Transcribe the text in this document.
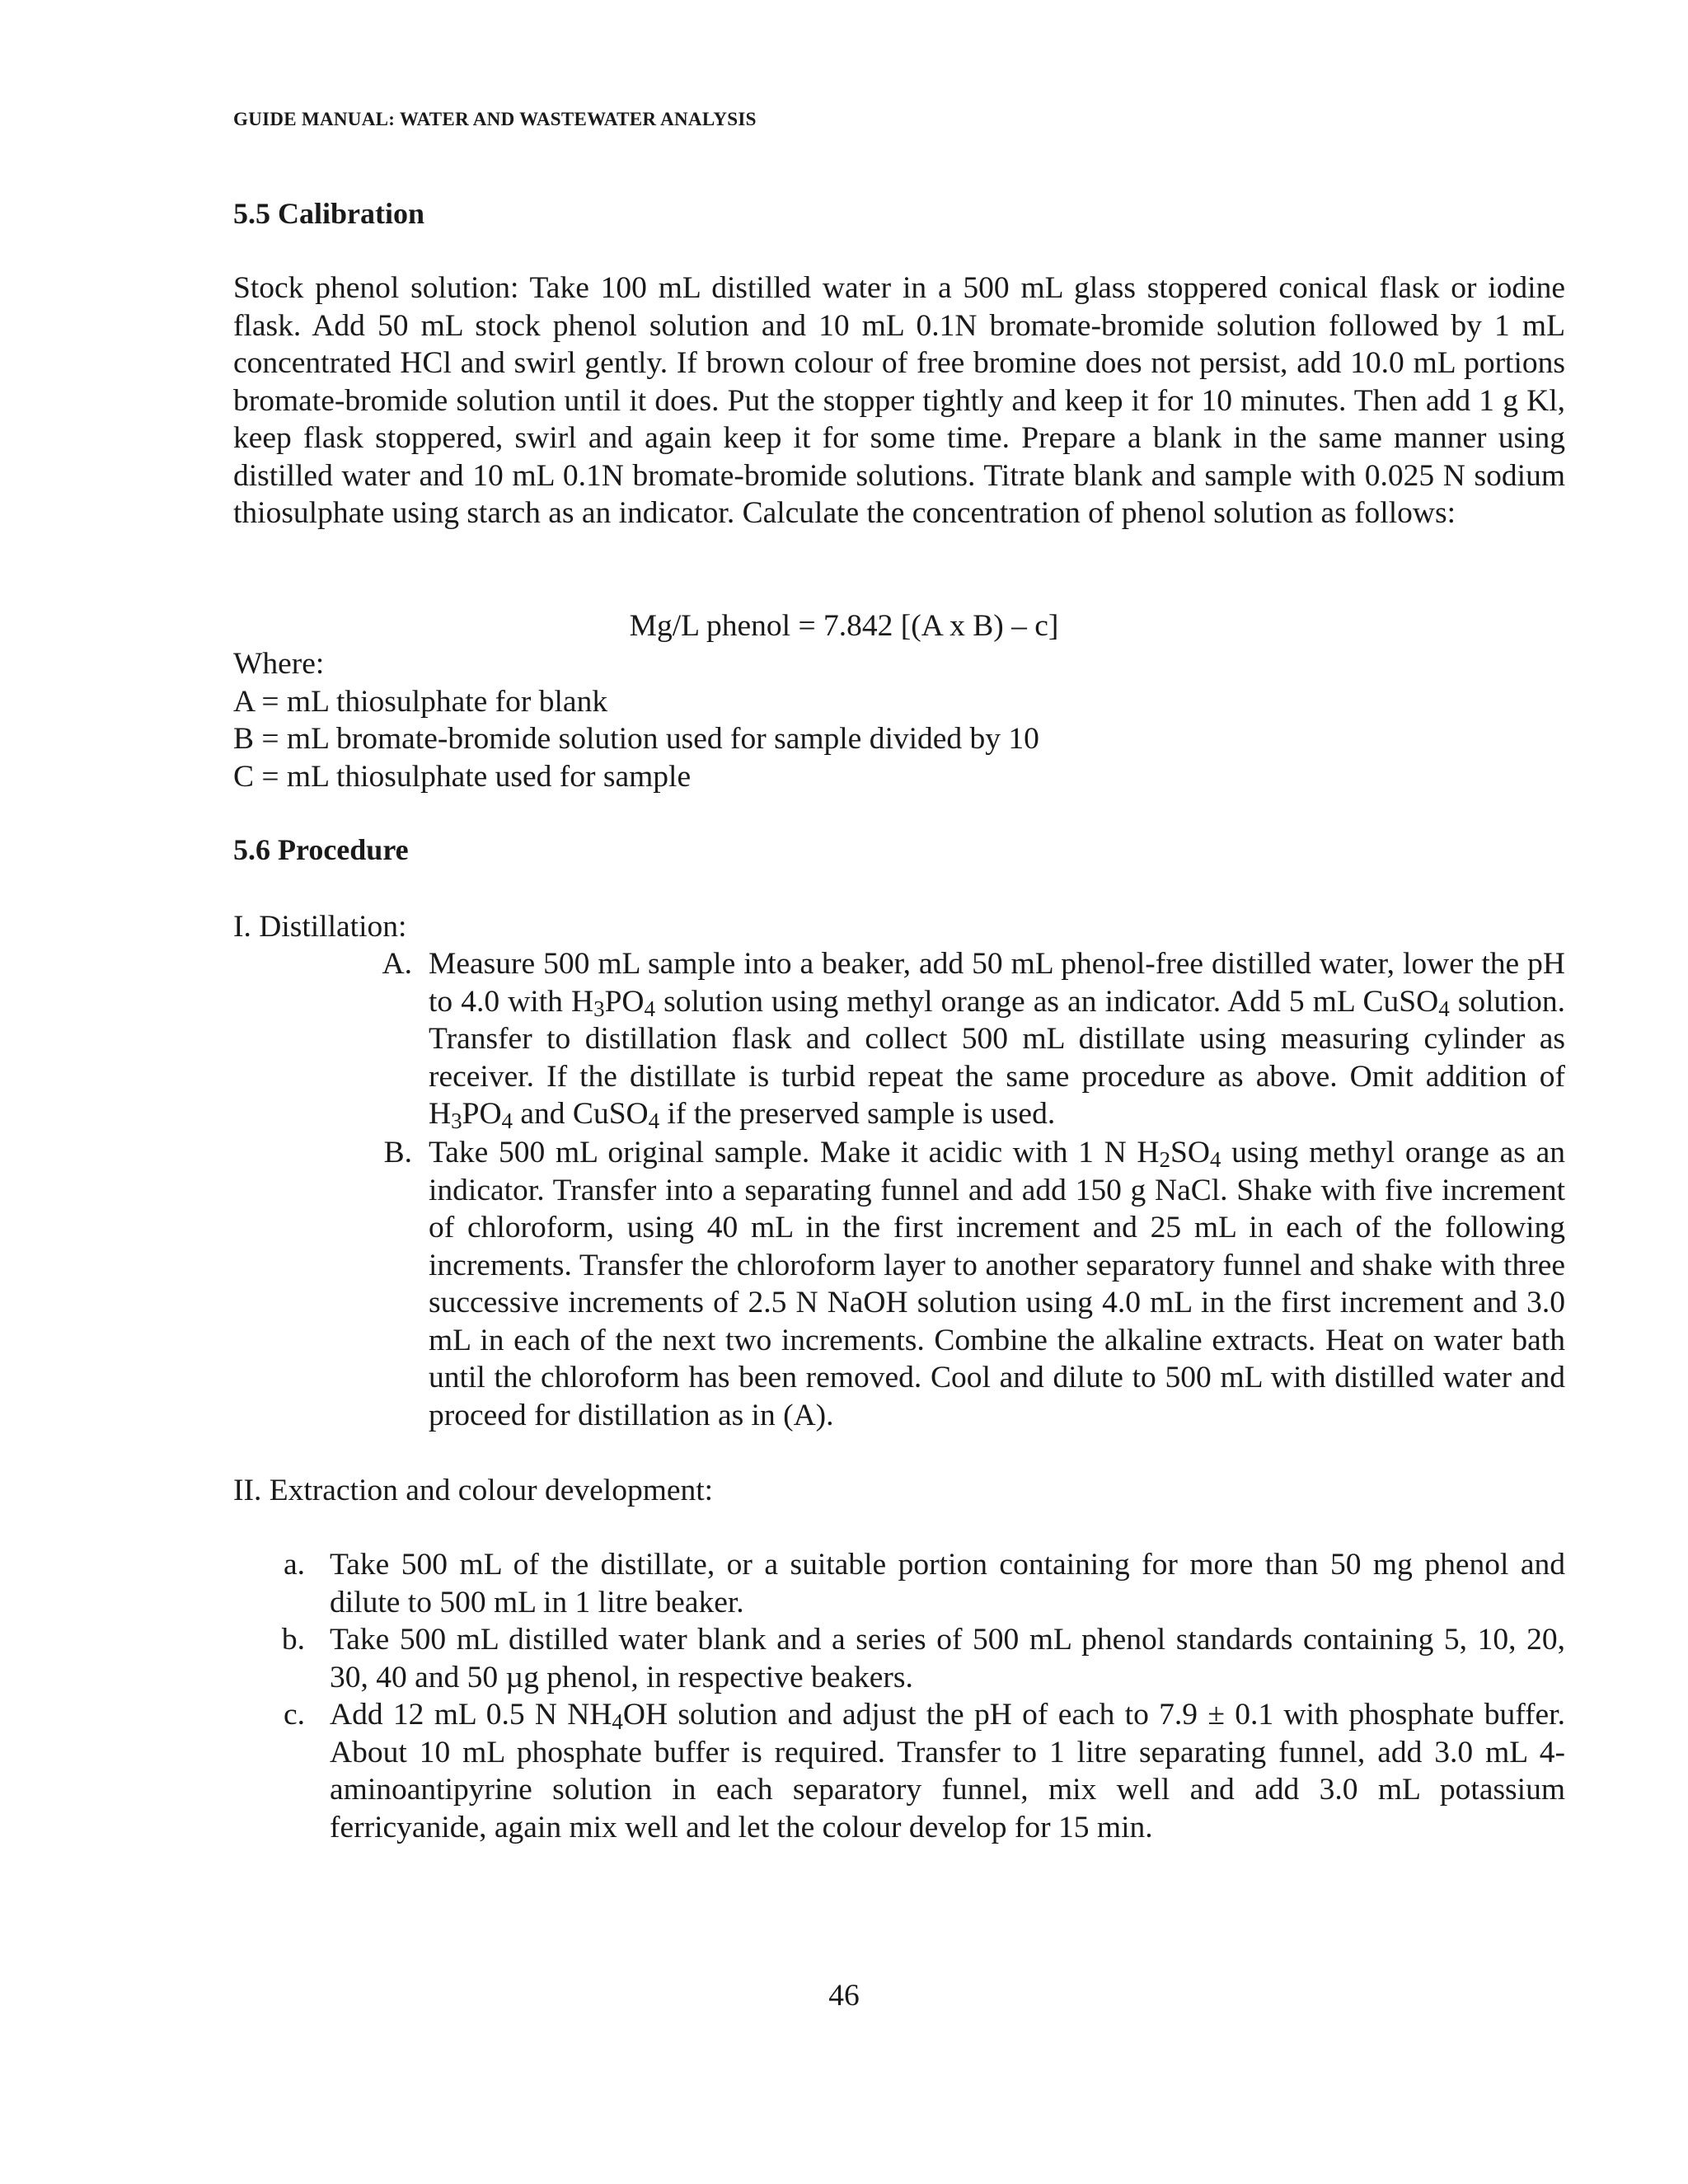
GUIDE MANUAL: WATER AND WASTEWATER ANALYSIS
5.5 Calibration

Stock phenol solution: Take 100 mL distilled water in a 500 mL glass stoppered conical flask or iodine flask. Add 50 mL stock phenol solution and 10 mL 0.1N bromate-bromide solution followed by 1 mL concentrated HCl and swirl gently. If brown colour of free bromine does not persist, add 10.0 mL portions bromate-bromide solution until it does. Put the stopper tightly and keep it for 10 minutes. Then add 1 g Kl, keep flask stoppered, swirl and again keep it for some time. Prepare a blank in the same manner using distilled water and 10 mL 0.1N bromate-bromide solutions. Titrate blank and sample with 0.025 N sodium thiosulphate using starch as an indicator. Calculate the concentration of phenol solution as follows:

Mg/L phenol = 7.842 [(A x B) – c]
Where:
A = mL thiosulphate for blank
B = mL bromate-bromide solution used for sample divided by 10
C = mL thiosulphate used for sample
5.6 Procedure
I. Distillation:
A. Measure 500 mL sample into a beaker, add 50 mL phenol-free distilled water, lower the pH to 4.0 with $H_3PO_4$ solution using methyl orange as an indicator. Add 5 mL CuSO$_4$ solution. Transfer to distillation flask and collect 500 mL distillate using measuring cylinder as receiver. If the distillate is turbid repeat the same procedure as above. Omit addition of $H_3PO_4$ and CuSO$_4$ if the preserved sample is used.
B. Take 500 mL original sample. Make it acidic with 1 N $H_2SO_4$ using methyl orange as an indicator. Transfer into a separating funnel and add 150 g NaCl. Shake with five increment of chloroform, using 40 mL in the first increment and 25 mL in each of the following increments. Transfer the chloroform layer to another separatory funnel and shake with three successive increments of 2.5 N NaOH solution using 4.0 mL in the first increment and 3.0 mL in each of the next two increments. Combine the alkaline extracts. Heat on water bath until the chloroform has been removed. Cool and dilute to 500 mL with distilled water and proceed for distillation as in (A).
II. Extraction and colour development:
a. Take 500 mL of the distillate, or a suitable portion containing for more than 50 mg phenol and dilute to 500 mL in 1 litre beaker.
b. Take 500 mL distilled water blank and a series of 500 mL phenol standards containing 5, 10, 20, 30, 40 and 50 µg phenol, in respective beakers.
c. Add 12 mL 0.5 N $NH_4OH$ solution and adjust the pH of each to 7.9 ± 0.1 with phosphate buffer. About 10 mL phosphate buffer is required. Transfer to 1 litre separating funnel, add 3.0 mL 4-aminoantipyrine solution in each separatory funnel, mix well and add 3.0 mL potassium ferricyanide, again mix well and let the colour develop for 15 min.
46
